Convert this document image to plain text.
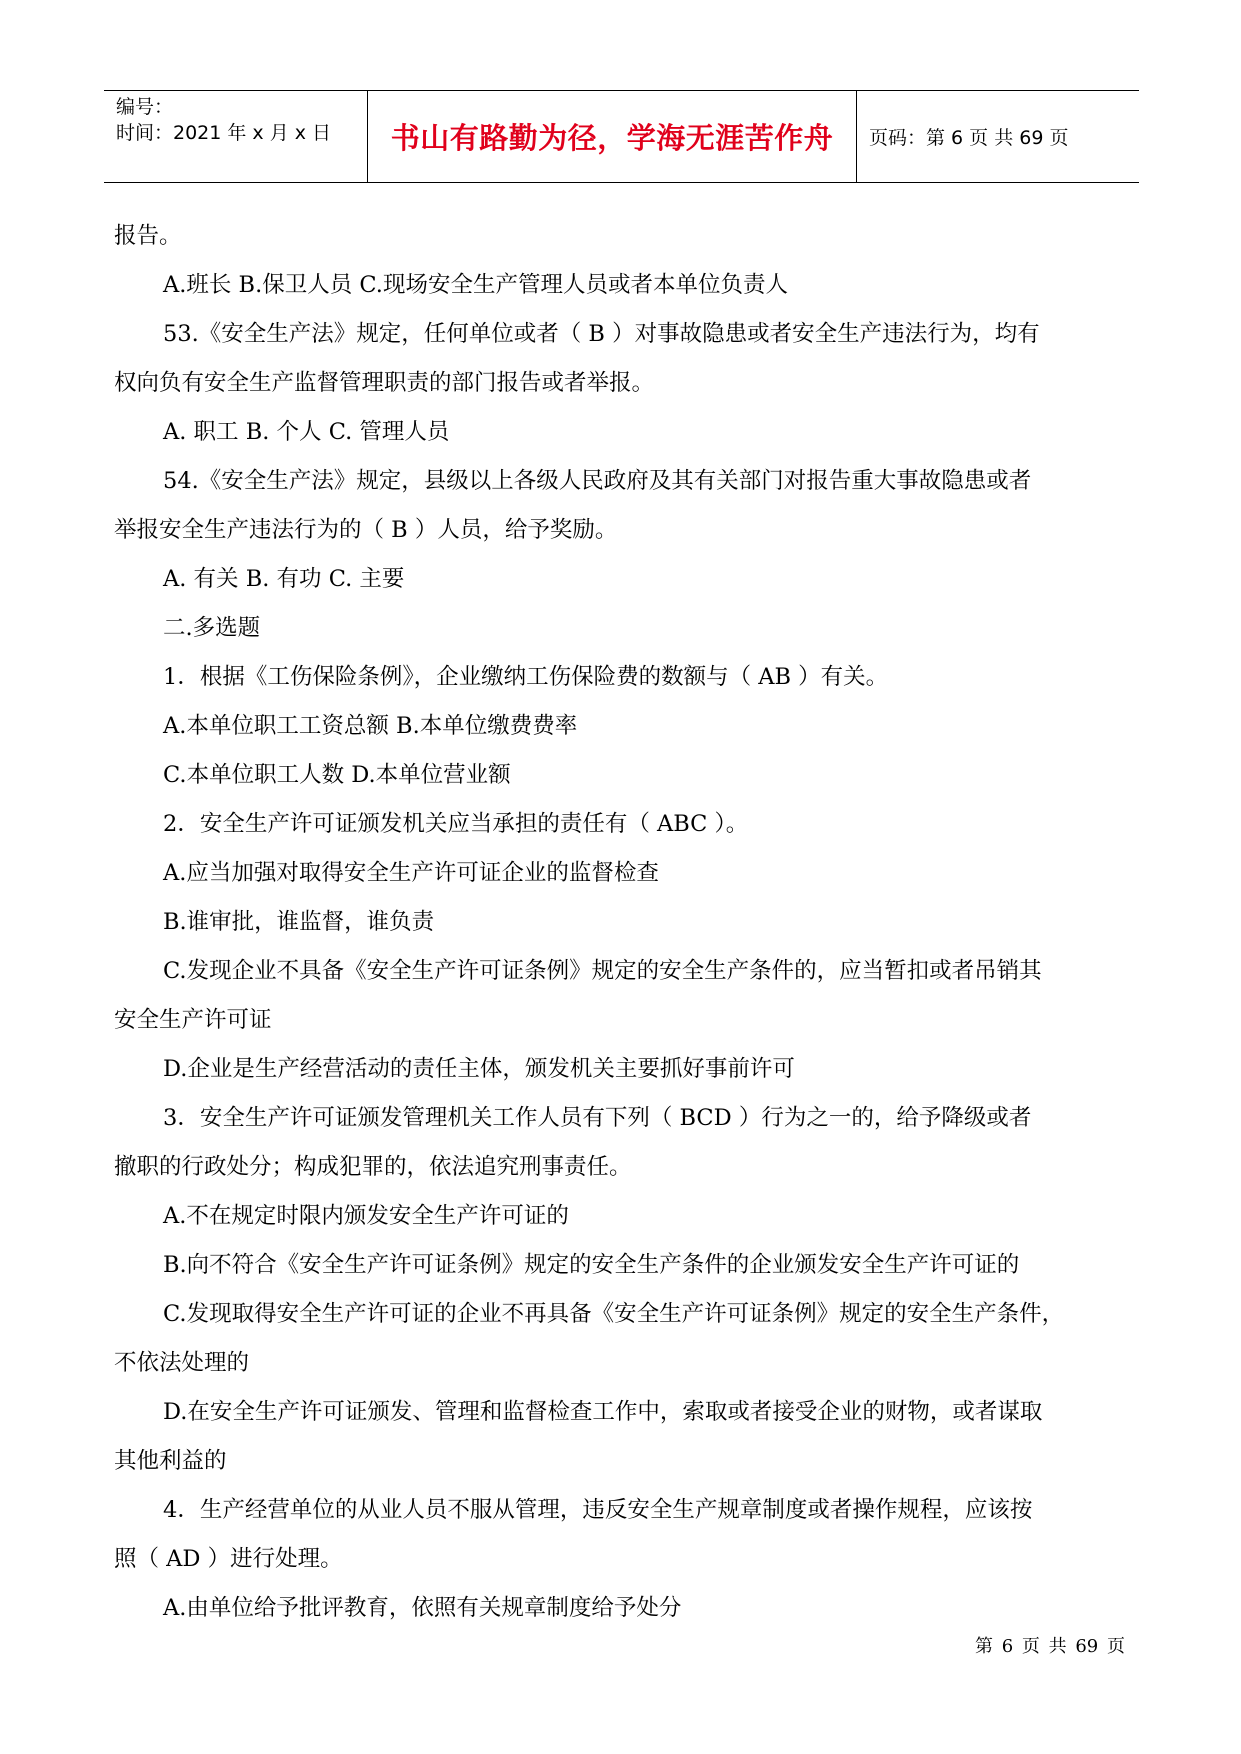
编号：
时间：2021 年 x 月 x 日	书山有路勤为径，学海无涯苦作舟	页码：第 6 页 共 69 页

报告。

A.班长 B.保卫人员 C.现场安全生产管理人员或者本单位负责人

53.《安全生产法》规定，任何单位或者（ B ）对事故隐患或者安全生产违法行为，均有

权向负有安全生产监督管理职责的部门报告或者举报。

A. 职工 B. 个人 C. 管理人员

54.《安全生产法》规定，县级以上各级人民政府及其有关部门对报告重大事故隐患或者

举报安全生产违法行为的（ B ）人员，给予奖励。

A. 有关 B. 有功 C. 主要

二.多选题

1．根据《工伤保险条例》，企业缴纳工伤保险费的数额与（ AB ）有关。

A.本单位职工工资总额 B.本单位缴费费率

C.本单位职工人数 D.本单位营业额

2．安全生产许可证颁发机关应当承担的责任有（ ABC ）。

A.应当加强对取得安全生产许可证企业的监督检查

B.谁审批，谁监督，谁负责

C.发现企业不具备《安全生产许可证条例》规定的安全生产条件的，应当暂扣或者吊销其

安全生产许可证

D.企业是生产经营活动的责任主体，颁发机关主要抓好事前许可

3．安全生产许可证颁发管理机关工作人员有下列（ BCD ）行为之一的，给予降级或者

撤职的行政处分；构成犯罪的，依法追究刑事责任。

A.不在规定时限内颁发安全生产许可证的

B.向不符合《安全生产许可证条例》规定的安全生产条件的企业颁发安全生产许可证的

C.发现取得安全生产许可证的企业不再具备《安全生产许可证条例》规定的安全生产条件，

不依法处理的

D.在安全生产许可证颁发、管理和监督检查工作中，索取或者接受企业的财物，或者谋取

其他利益的

4．生产经营单位的从业人员不服从管理，违反安全生产规章制度或者操作规程，应该按

照（ AD ）进行处理。

A.由单位给予批评教育，依照有关规章制度给予处分

第 6 页 共 69 页
